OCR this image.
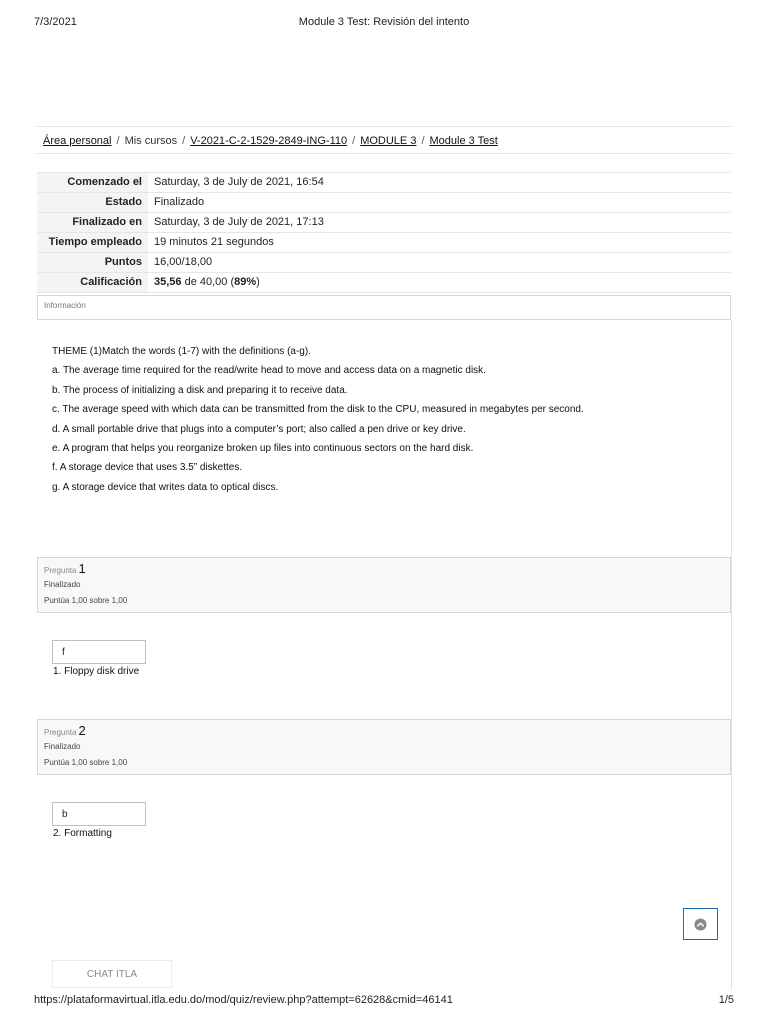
7/3/2021	Module 3 Test: Revisión del intento
Área personal / Mis cursos / V-2021-C-2-1529-2849-ING-110 / MODULE 3 / Module 3 Test
Comenzado el	Saturday, 3 de July de 2021, 16:54
Estado	Finalizado
Finalizado en	Saturday, 3 de July de 2021, 17:13
Tiempo empleado	19 minutos 21 segundos
Puntos	16,00/18,00
Calificación	35,56 de 40,00 (89%)
Información

THEME (1)Match the words (1-7) with the definitions (a-g).

a. The average time required for the read/write head to move and access data on a magnetic disk.

b. The process of initializing a disk and preparing it to receive data.

c. The average speed with which data can be transmitted from the disk to the CPU, measured in megabytes per second.

d. A small portable drive that plugs into a computer’s port; also called a pen drive or key drive.

e. A program that helps you reorganize broken up files into continuous sectors on the hard disk.

f. A storage device that uses 3.5” diskettes.

g. A storage device that writes data to optical discs.

Pregunta 1
Finalizado
Puntúa 1,00 sobre 1,00
f
1. Floppy disk drive
Pregunta 2
Finalizado
Puntúa 1,00 sobre 1,00
b
2. Formatting
CHAT ITLA
https://plataformavirtual.itla.edu.do/mod/quiz/review.php?attempt=62628&cmid=46141	1/5
